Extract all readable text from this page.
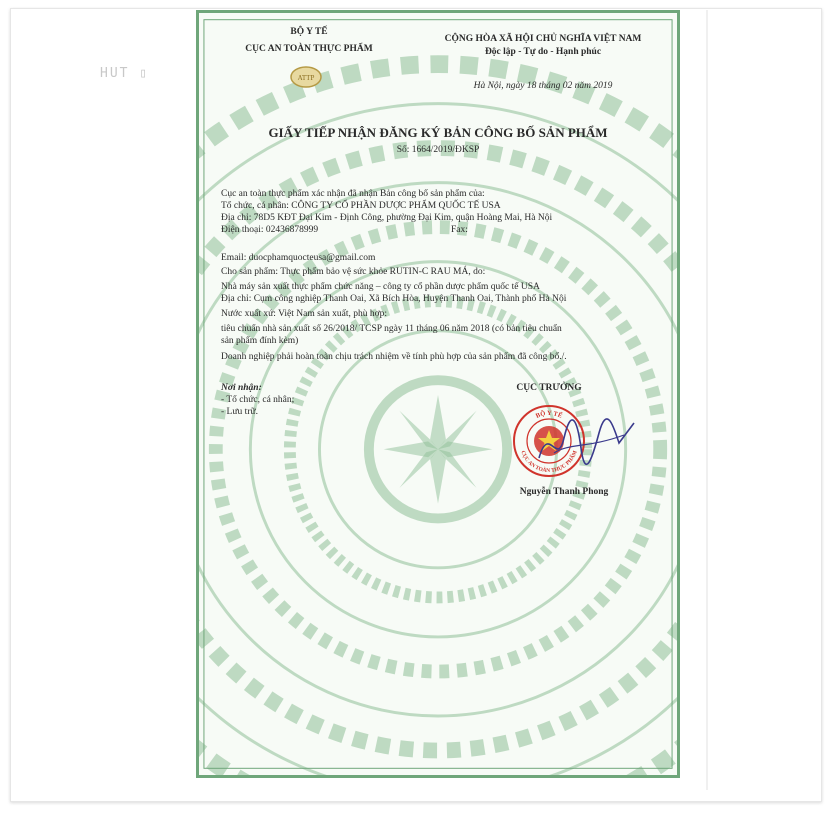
HUT ▯	ATTP
BỘ Y TẾ
CỤC AN TOÀN THỰC PHẨM
CỘNG HÒA XÃ HỘI CHỦ NGHĨA VIỆT NAM
Độc lập - Tự do - Hạnh phúc
Hà Nội, ngày 18 tháng 02 năm 2019
GIẤY TIẾP NHẬN ĐĂNG KÝ BẢN CÔNG BỐ SẢN PHẨM
Số: 1664/2019/ĐKSP
Cục an toàn thực phẩm xác nhận đã nhận Bản công bố sản phẩm của:
Tổ chức, cá nhân: CÔNG TY CỔ PHẦN DƯỢC PHẨM QUỐC TẾ USA
Địa chỉ: 78D5 KĐT Đại Kim - Định Công, phường Đại Kim, quận Hoàng Mai, Hà Nội
Điện thoại: 02436878999	Fax:
Email: duocphamquocteusa@gmail.com
Cho sản phẩm: Thực phẩm bảo vệ sức khỏe RUTIN-C RAU MÁ, do:
Nhà máy sản xuất thực phẩm chức năng – công ty cổ phần dược phẩm quốc tế USA
Địa chỉ: Cụm công nghiệp Thanh Oai, Xã Bích Hòa, Huyện Thanh Oai, Thành phố Hà Nội
Nước xuất xứ: Việt Nam sản xuất, phù hợp:
tiêu chuẩn nhà sản xuất số 26/2018/ TCSP ngày 11 tháng 06 năm 2018 (có bản tiêu chuẩn
sản phẩm đính kèm)
Doanh nghiệp phải hoàn toàn chịu trách nhiệm về tính phù hợp của sản phẩm đã công bố./.
Nơi nhận:
- Tổ chức, cá nhân;
- Lưu trữ.
CỤC TRƯỞNG
BỘ Y TẾ
CỤC AN TOÀN THỰC PHẨM
Nguyễn Thanh Phong
